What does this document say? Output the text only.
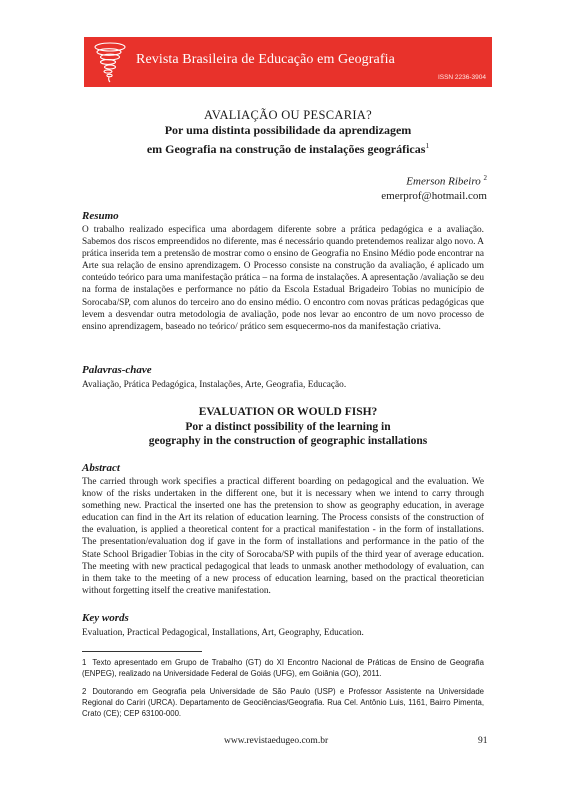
Revista Brasileira de Educação em Geografia
ISSN 2236-3904
AVALIAÇÃO OU PESCARIA?
Por uma distinta possibilidade da aprendizagem
em Geografia na construção de instalações geográficas$^1$
Emerson Ribeiro $^2$
emerprof@hotmail.com
Resumo
O trabalho realizado especifica uma abordagem diferente sobre a prática pedagógica e a avaliação. Sabemos dos riscos empreendidos no diferente, mas é necessário quando pretendemos realizar algo novo. A prática inserida tem a pretensão de mostrar como o ensino de Geografia no Ensino Médio pode encontrar na Arte sua relação de ensino aprendizagem. O Processo consiste na construção da avaliação, é aplicado um conteúdo teórico para uma manifestação prática – na forma de instalações. A apresentação /avaliação se deu na forma de instalações e performance no pátio da Escola Estadual Brigadeiro Tobias no município de Sorocaba/SP, com alunos do terceiro ano do ensino médio. O encontro com novas práticas pedagógicas que levem a desvendar outra metodologia de avaliação, pode nos levar ao encontro de um novo processo de ensino aprendizagem, baseado no teórico/ prático sem esquecermo-nos da manifestação criativa.
Palavras-chave
Avaliação, Prática Pedagógica, Instalações, Arte, Geografia, Educação.
EVALUATION OR WOULD FISH?
Por a distinct possibility of the learning in
geography in the construction of geographic installations
Abstract
The carried through work specifies a practical different boarding on pedagogical and the evaluation. We know of the risks undertaken in the different one, but it is necessary when we intend to carry through something new. Practical the inserted one has the pretension to show as geography education, in average education can find in the Art its relation of education learning. The Process consists of the construction of the evaluation, is applied a theoretical content for a practical manifestation - in the form of installations. The presentation/evaluation dog if gave in the form of installations and performance in the patio of the State School Brigadier Tobias in the city of Sorocaba/SP with pupils of the third year of average education. The meeting with new practical pedagogical that leads to unmask another methodology of evaluation, can in them take to the meeting of a new process of education learning, based on the practical theoretician without forgetting itself the creative manifestation.
Key words
Evaluation, Practical Pedagogical, Installations, Art, Geography, Education.
1 Texto apresentado em Grupo de Trabalho (GT) do XI Encontro Nacional de Práticas de Ensino de Geografia (ENPEG), realizado na Universidade Federal de Goiás (UFG), em Goiânia (GO), 2011.
2 Doutorando em Geografia pela Universidade de São Paulo (USP) e Professor Assistente na Universidade Regional do Cariri (URCA). Departamento de Geociências/Geografia. Rua Cel. Antônio Luis, 1161, Bairro Pimenta, Crato (CE); CEP 63100-000.
www.revistaedugeo.com.br	91
